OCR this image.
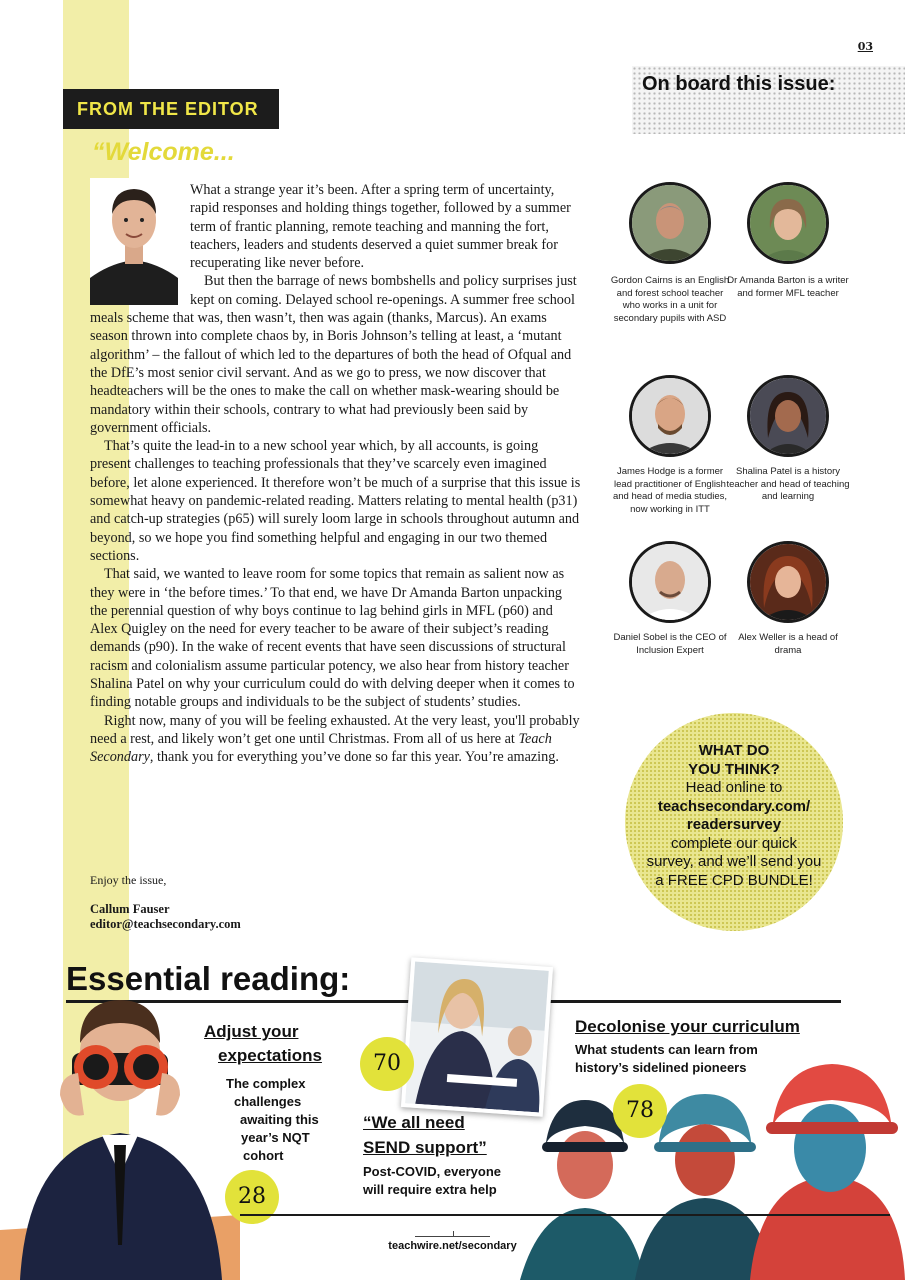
03
FROM THE EDITOR
“Welcome...

What a strange year it’s been. After a spring term of uncertainty, rapid responses and holding things together, followed by a summer term of frantic planning, remote teaching and manning the fort, teachers, leaders and students deserved a quiet summer break for recuperating like never before.

But then the barrage of news bombshells and policy surprises just kept on coming. Delayed school re-openings. A summer free school meals scheme that was, then wasn’t, then was again (thanks, Marcus). An exams season thrown into complete chaos by, in Boris Johnson’s telling at least, a ‘mutant algorithm’ – the fallout of which led to the departures of both the head of Ofqual and the DfE’s most senior civil servant. And as we go to press, we now discover that headteachers will be the ones to make the call on whether mask-wearing should be mandatory within their schools, contrary to what had previously been said by government officials.

That’s quite the lead-in to a new school year which, by all accounts, is going present challenges to teaching professionals that they’ve scarcely even imagined before, let alone experienced. It therefore won’t be much of a surprise that this issue is somewhat heavy on pandemic-related reading. Matters relating to mental health (p31) and catch-up strategies (p65) will surely loom large in schools throughout autumn and beyond, so we hope you find something helpful and engaging in our two themed sections.

That said, we wanted to leave room for some topics that remain as salient now as they were in ‘the before times.’ To that end, we have Dr Amanda Barton unpacking the perennial question of why boys continue to lag behind girls in MFL (p60) and Alex Quigley on the need for every teacher to be aware of their subject’s reading demands (p90). In the wake of recent events that have seen discussions of structural racism and colonialism assume particular potency, we also hear from history teacher Shalina Patel on why your curriculum could do with delving deeper when it comes to finding notable groups and individuals to be the subject of students’ studies.

Right now, many of you will be feeling exhausted. At the very least, you'll probably need a rest, and likely won’t get one until Christmas. From all of us here at Teach Secondary, thank you for everything you’ve done so far this year. You’re amazing.

Enjoy the issue,
Callum Fauser
editor@teachsecondary.com
On board this issue:
Gordon Cairns is an English and forest school teacher who works in a unit for secondary pupils with ASD
Dr Amanda Barton is a writer and former MFL teacher
James Hodge is a former lead practitioner of English and head of media studies, now working in ITT
Shalina Patel is a history teacher and head of teaching and learning
Daniel Sobel is the CEO of Inclusion Expert
Alex Weller is a head of drama
WHAT DO
YOU THINK?
Head online to
teachsecondary.com/
readersurvey
complete our quick
survey, and we’ll send you
a FREE CPD BUNDLE!
Essential reading:
28
70
78
Adjust your
expectations
The complex
challenges
awaiting this
year’s NQT
cohort
“We all need
SEND support”
Post-COVID, everyone
will require extra help
Decolonise your curriculum
What students can learn from
history’s sidelined pioneers
teachwire.net/secondary
